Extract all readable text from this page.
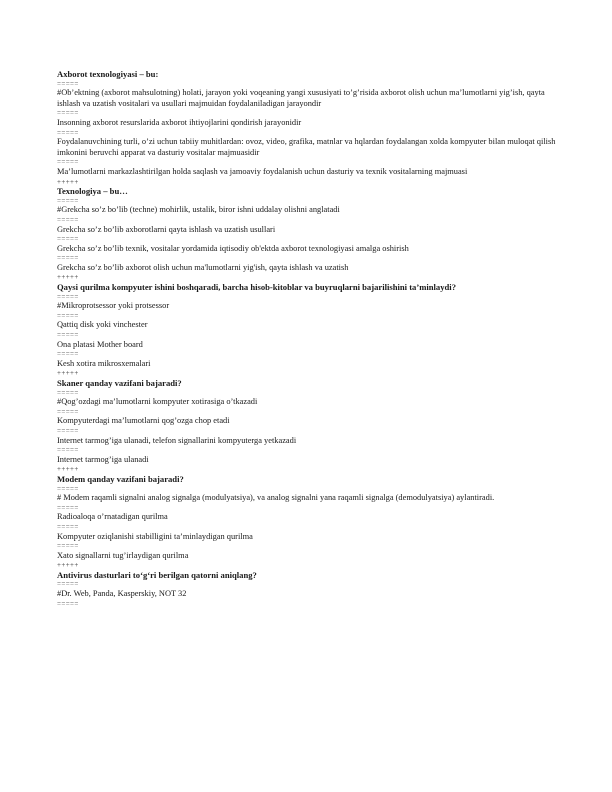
Axborot texnologiyasi – bu:
=====
#Ob’ektning (axborot mahsulotning) holati, jarayon yoki voqeaning yangi xususiyati to’g’risida axborot olish uchun ma’lumotlarni yig’ish, qayta ishlash va uzatish vositalari va usullari majmuidan foydalaniladigan jarayondir
=====
Insonning axborot resurslarida axborot ihtiyojlarini qondirish jarayonidir
=====
Foydalanuvchining turli, o’zi uchun tabiiy muhitlardan: ovoz, video, grafika, matnlar va hqlardan foydalangan xolda kompyuter bilan muloqat qilish imkonini beruvchi apparat va dasturiy vositalar majmuasidir
=====
Ma’lumotlarni markazlashtirilgan holda saqlash va jamoaviy foydalanish uchun dasturiy va texnik vositalarning majmuasi
+++++
Texnologiya – bu…
=====
#Grekcha so’z bo’lib (techne) mohirlik, ustalik, biror ishni uddalay olishni anglatadi
=====
Grekcha so’z bo’lib axborotlarni qayta ishlash va uzatish usullari
=====
Grekcha so’z bo’lib texnik, vositalar yordamida iqtisodiy ob'ektda axborot texnologiyasi amalga oshirish
=====
Grekcha so’z bo’lib axborot olish uchun ma'lumotlarni yig'ish, qayta ishlash va uzatish
+++++
Qaysi qurilma kompyuter ishini boshqaradi, barcha hisob-kitoblar va buyruqlarni bajarilishini ta’minlaydi?
=====
#Mikroprotsessor yoki protsessor
=====
Qattiq disk yoki vinchester
=====
Ona platasi Mother board
=====
Kesh xotira mikrosxemalari
+++++
Skaner qanday vazifani bajaradi?
=====
#Qog’ozdagi ma’lumotlarni kompyuter xotirasiga o’tkazadi
=====
Kompyuterdagi ma’lumotlarni qog’ozga chop etadi
=====
Internet tarmog’iga ulanadi, telefon signallarini kompyuterga yetkazadi
=====
Internet tarmog’iga ulanadi
+++++
Modem qanday vazifani bajaradi?
=====
# Modem raqamli signalni analog signalga (modulyatsiya), va analog signalni yana raqamli signalga (demodulyatsiya) aylantiradi.
=====
Radioaloqa o’rnatadigan qurilma
=====
Kompyuter oziqlanishi stabilligini ta’minlaydigan qurilma
=====
Xato signallarni tug’irlaydigan qurilma
+++++
Antivirus dasturlari to‘g‘ri berilgan qatorni aniqlang?
=====
#Dr. Web, Panda, Kasperskiy, NOT 32
=====
